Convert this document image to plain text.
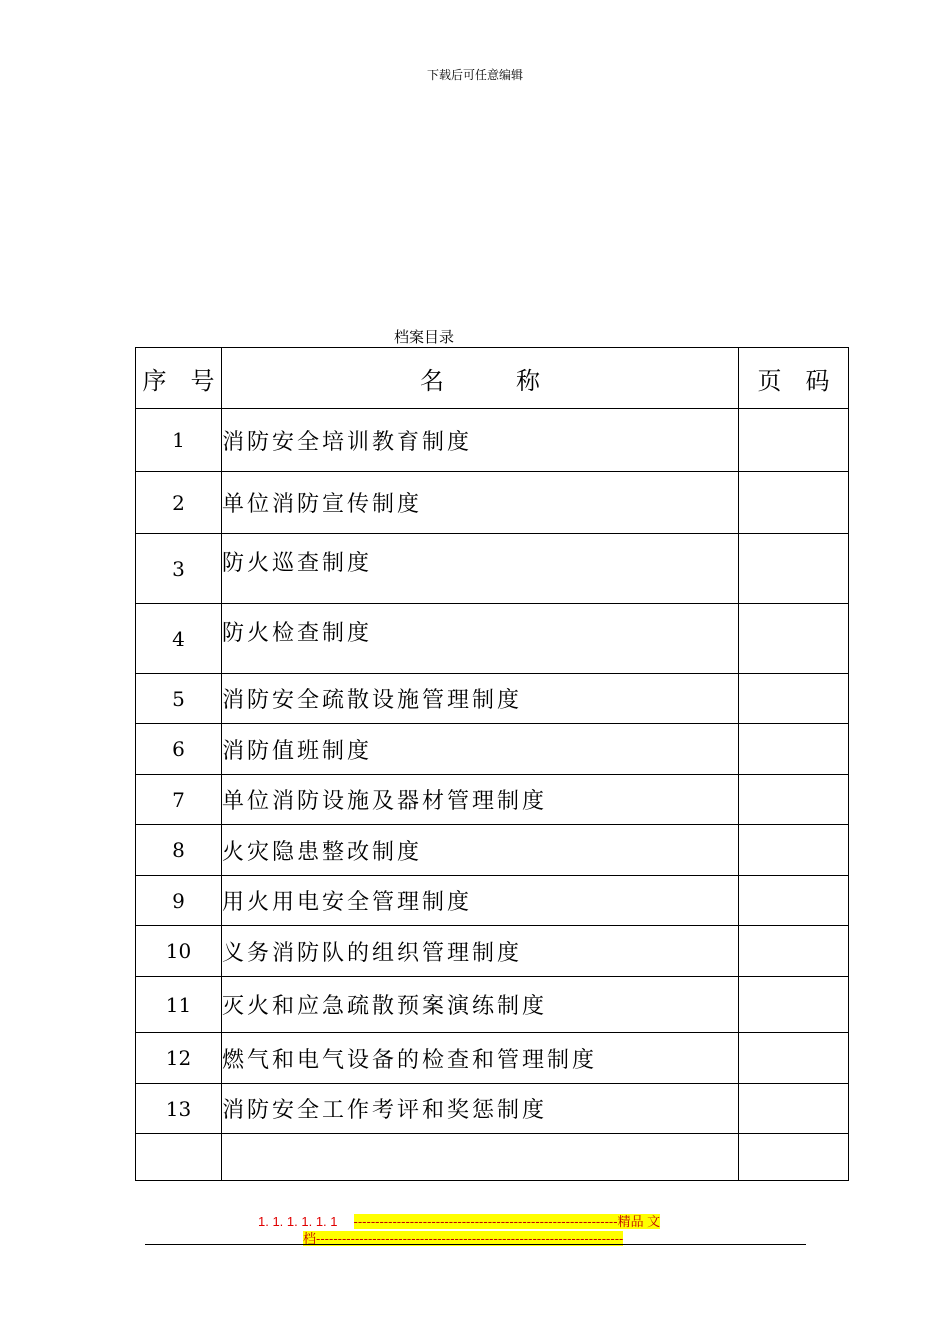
下载后可任意编辑
档案目录
序　号	名　　　称	页　码
1	消防安全培训教育制度	
2	单位消防宣传制度	
3	防火巡查制度	
4	防火检查制度	
5	消防安全疏散设施管理制度	
6	消防值班制度	
7	单位消防设施及器材管理制度	
8	火灾隐患整改制度	
9	用火用电安全管理制度	
10	义务消防队的组织管理制度	
11	灭火和应急疏散预案演练制度	
12	燃气和电气设备的检查和管理制度	
13	消防安全工作考评和奖惩制度	

1. 1. 1. 1. 1. 1 -------------------------------------------------------------精品 文
档-----------------------------------------------------------------------
